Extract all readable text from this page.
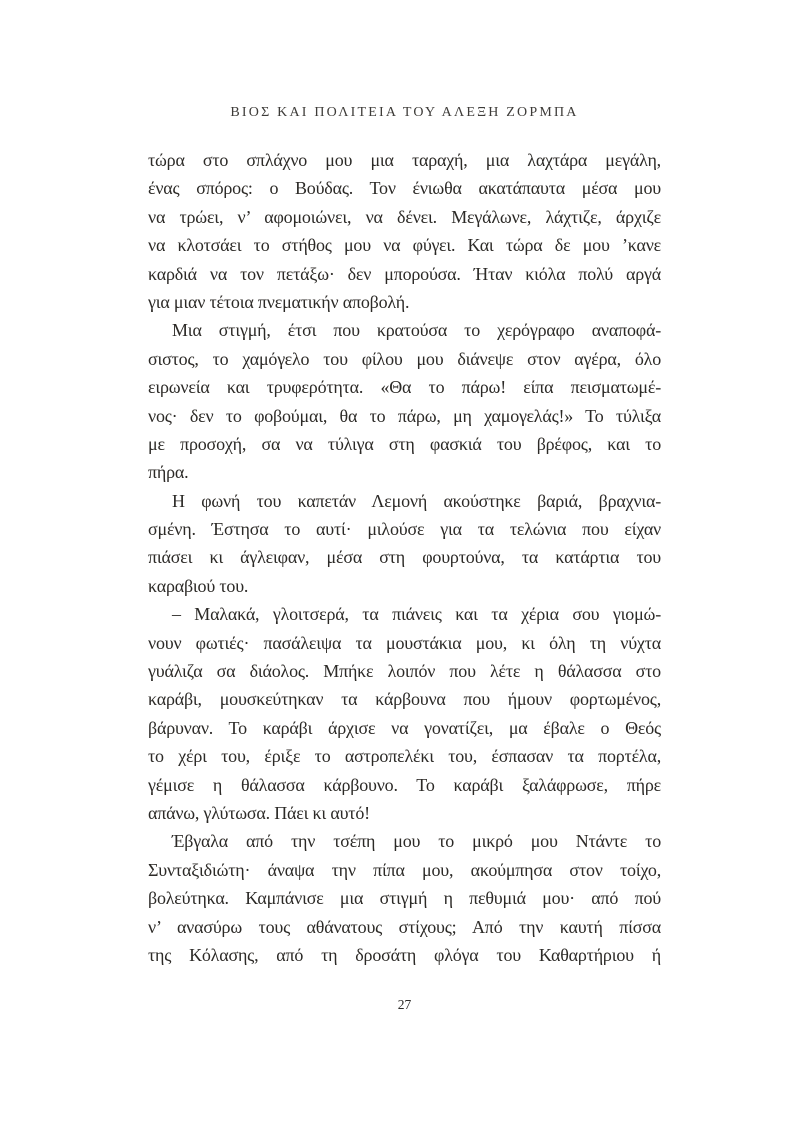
ΒΙΟΣ ΚΑΙ ΠΟΛΙΤΕΙΑ ΤΟΥ ΑΛΕΞΗ ΖΟΡΜΠΑ
τώρα στο σπλάχνο μου μια ταραχή, μια λαχτάρα μεγάλη,
ένας σπόρος: ο Βούδας. Τον ένιωθα ακατάπαυτα μέσα μου
να τρώει, ν’ αφομοιώνει, να δένει. Μεγάλωνε, λάχτιζε, άρχιζε
να κλοτσάει το στήθος μου να φύγει. Και τώρα δε μου ’κανε
καρδιά να τον πετάξω· δεν μπορούσα. Ήταν κιόλα πολύ αργά
για μιαν τέτοια πνεματικήν αποβολή.
Μια στιγμή, έτσι που κρατούσα το χερόγραφο αναποφά-
σιστος, το χαμόγελο του φίλου μου διάνεψε στον αγέρα, όλο
ειρωνεία και τρυφερότητα. «Θα το πάρω! είπα πεισματωμέ-
νος· δεν το φοβούμαι, θα το πάρω, μη χαμογελάς!» Το τύλιξα
με προσοχή, σα να τύλιγα στη φασκιά του βρέφος, και το
πήρα.
Η φωνή του καπετάν Λεμονή ακούστηκε βαριά, βραχνια-
σμένη. Έστησα το αυτί· μιλούσε για τα τελώνια που είχαν
πιάσει κι άγλειφαν, μέσα στη φουρτούνα, τα κατάρτια του
καραβιού του.
– Μαλακά, γλοιτσερά, τα πιάνεις και τα χέρια σου γιομώ-
νουν φωτιές· πασάλειψα τα μουστάκια μου, κι όλη τη νύχτα
γυάλιζα σα διάολος. Μπήκε λοιπόν που λέτε η θάλασσα στο
καράβι, μουσκεύτηκαν τα κάρβουνα που ήμουν φορτωμένος,
βάρυναν. Το καράβι άρχισε να γονατίζει, μα έβαλε ο Θεός
το χέρι του, έριξε το αστροπελέκι του, έσπασαν τα πορτέλα,
γέμισε η θάλασσα κάρβουνο. Το καράβι ξαλάφρωσε, πήρε
απάνω, γλύτωσα. Πάει κι αυτό!
Έβγαλα από την τσέπη μου το μικρό μου Ντάντε το
Συνταξιδιώτη· άναψα την πίπα μου, ακούμπησα στον τοίχο,
βολεύτηκα. Καμπάνισε μια στιγμή η πεθυμιά μου· από πού
ν’ ανασύρω τους αθάνατους στίχους; Από την καυτή πίσσα
της Κόλασης, από τη δροσάτη φλόγα του Καθαρτήριου ή
27
